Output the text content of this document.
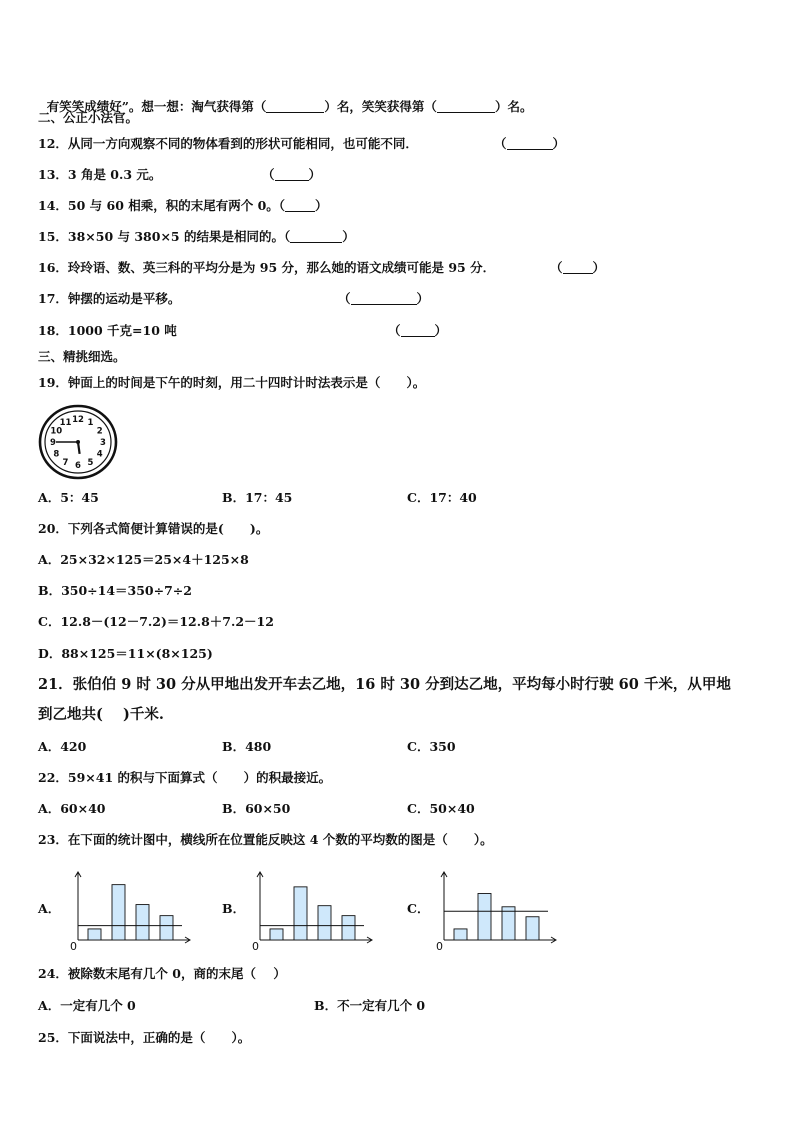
有笑笑成绩好”。想一想：淘气获得第（	）名，笑笑获得第（	）名。

二、公正小法官。
12．从同一方向观察不同的物体看到的形状可能相同，也可能不同．	（	）
13．3 角是 0.3 元。	（	）
14．50 与 60 相乘，积的末尾有两个 0。（ ）
15．38×50 与 380×5 的结果是相同的。（	）
16．玲玲语、数、英三科的平均分是为 95 分，那么她的语文成绩可能是 95 分．	（ ）
17．钟摆的运动是平移。	（	）
18．1000 千克=10 吨	（	）
三、精挑细选。
19．钟面上的时间是下午的时刻，用二十四时计时法表示是（      ）。
12 1
2
3
4
5
6
7
8
9
10
11
A．5：45	B．17：45	C．17：40
20．下列各式简便计算错误的是(      )。
A．25×32×125＝25×4＋125×8
B．350÷14＝350÷7÷2
C．12.8－(12－7.2)＝12.8＋7.2－12
D．88×125＝11×(8×125)
21．张伯伯 9 时 30 分从甲地出发开车去乙地，16 时 30 分到达乙地，平均每小时行驶 60 千米，从甲地
到乙地共(    )千米.
A．420	B．480	C．350
22．59×41 的积与下面算式（      ）的积最接近。
A．60×40	B．60×50	C．50×40
23．在下面的统计图中，横线所在位置能反映这 4 个数的平均数的图是（      ）。
A．
0
B．
0
C．
0
24．被除数末尾有几个 0，商的末尾（    ）
A．一定有几个 0	B．不一定有几个 0
25．下面说法中，正确的是（      ）。
